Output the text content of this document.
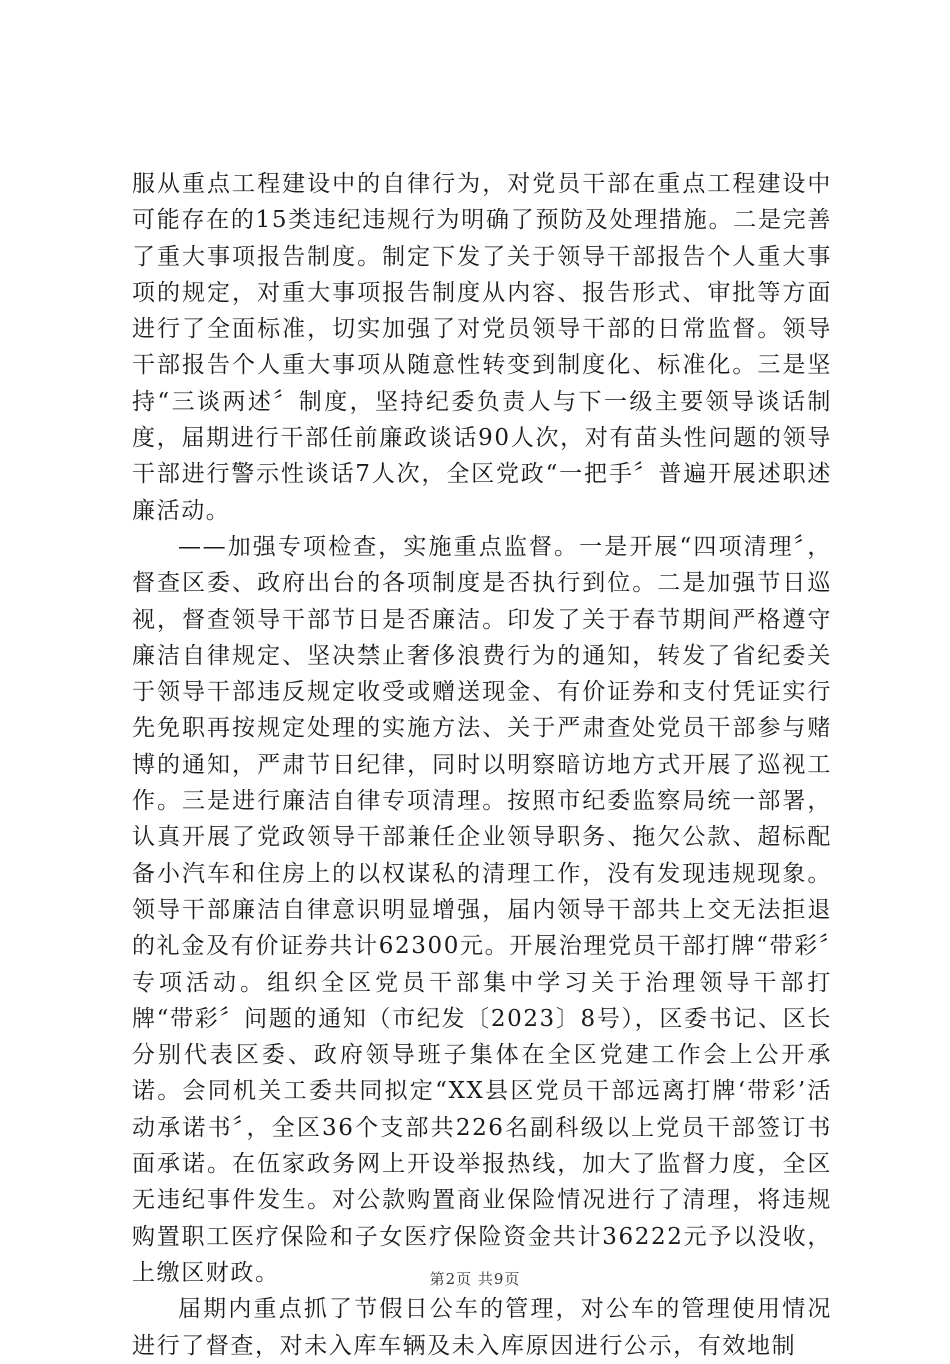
服从重点工程建设中的自律行为，对党员干部在重点工程建设中可能存在的15类违纪违规行为明确了预防及处理措施。二是完善了重大事项报告制度。制定下发了关于领导干部报告个人重大事项的规定，对重大事项报告制度从内容、报告形式、审批等方面进行了全面标准，切实加强了对党员领导干部的日常监督。领导干部报告个人重大事项从随意性转变到制度化、标准化。三是坚持“三谈两述〞制度，坚持纪委负责人与下一级主要领导谈话制度，届期进行干部任前廉政谈话90人次，对有苗头性问题的领导干部进行警示性谈话7人次，全区党政“一把手〞普遍开展述职述廉活动。

——加强专项检查，实施重点监督。一是开展“四项清理〞，督查区委、政府出台的各项制度是否执行到位。二是加强节日巡视，督查领导干部节日是否廉洁。印发了关于春节期间严格遵守廉洁自律规定、坚决禁止奢侈浪费行为的通知，转发了省纪委关于领导干部违反规定收受或赠送现金、有价证券和支付凭证实行先免职再按规定处理的实施方法、关于严肃查处党员干部参与赌博的通知，严肃节日纪律，同时以明察暗访地方式开展了巡视工作。三是进行廉洁自律专项清理。按照市纪委监察局统一部署，认真开展了党政领导干部兼任企业领导职务、拖欠公款、超标配备小汽车和住房上的以权谋私的清理工作，没有发现违规现象。领导干部廉洁自律意识明显增强，届内领导干部共上交无法拒退的礼金及有价证券共计62300元。开展治理党员干部打牌“带彩〞专项活动。组织全区党员干部集中学习关于治理领导干部打牌“带彩〞问题的通知（市纪发〔2023〕8号），区委书记、区长分别代表区委、政府领导班子集体在全区党建工作会上公开承诺。会同机关工委共同拟定“XX县区党员干部远离打牌‘带彩’活动承诺书〞，全区36个支部共226名副科级以上党员干部签订书面承诺。在伍家政务网上开设举报热线，加大了监督力度，全区无违纪事件发生。对公款购置商业保险情况进行了清理，将违规购置职工医疗保险和子女医疗保险资金共计36222元予以没收，上缴区财政。

届期内重点抓了节假日公车的管理，对公车的管理使用情况进行了督查，对未入库车辆及未入库原因进行公示，有效地制

第2页 共9页
